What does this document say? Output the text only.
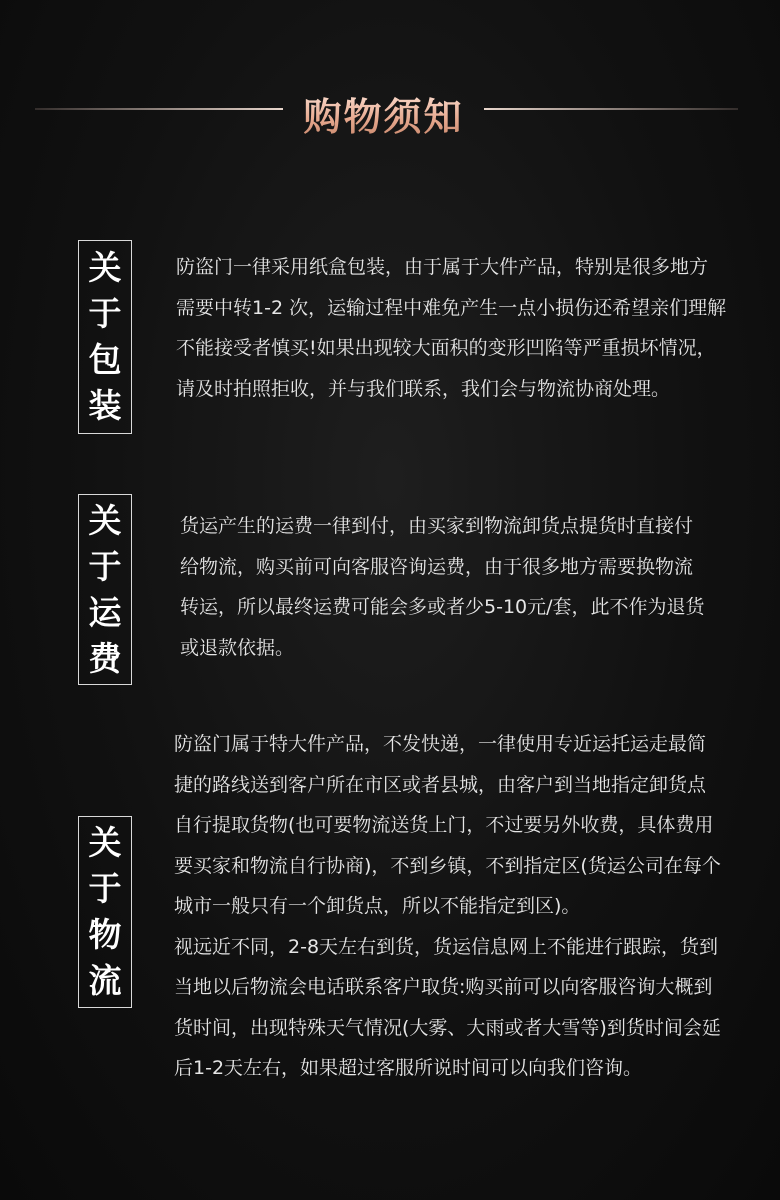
购物须知
关
于
包
装

防盗门一律采用纸盒包装，由于属于大件产品，特别是很多地方

需要中转1-2 次，运输过程中难免产生一点小损伤还希望亲们理解

不能接受者慎买!如果出现较大面积的变形凹陷等严重损坏情况，

请及时拍照拒收，并与我们联系，我们会与物流协商处理。

关
于
运
费

货运产生的运费一律到付，由买家到物流卸货点提货时直接付

给物流，购买前可向客服咨询运费，由于很多地方需要换物流

转运，所以最终运费可能会多或者少5-10元/套，此不作为退货

或退款依据。

关
于
物
流

防盗门属于特大件产品，不发快递，一律使用专近运托运走最简

捷的路线送到客户所在市区或者县城，由客户到当地指定卸货点

自行提取货物(也可要物流送货上门，不过要另外收费，具体费用

要买家和物流自行协商)，不到乡镇，不到指定区(货运公司在每个

城市一般只有一个卸货点，所以不能指定到区)。

视远近不同，2-8天左右到货，货运信息网上不能进行跟踪，货到

当地以后物流会电话联系客户取货:购买前可以向客服咨询大概到

货时间，出现特殊天气情况(大雾、大雨或者大雪等)到货时间会延

后1-2天左右，如果超过客服所说时间可以向我们咨询。
